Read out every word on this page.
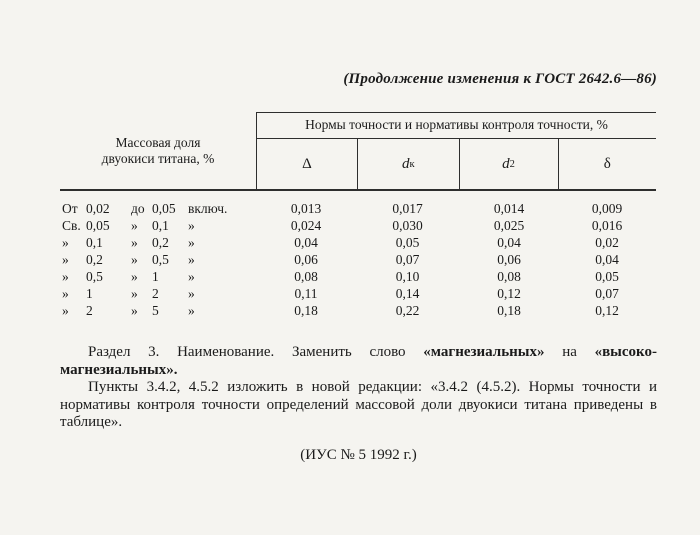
(Продолжение изменения к ГОСТ 2642.6—86)
Массовая доля
двуокиси титана, %
Нормы точности и нормативы контроля точности, %
Δ	d к	d 2	δ
От 0,02	до 0,05 включ.	0,013	0,017	0,014	0,009
Св. 0,05	»	0,1	»	0,024	0,030	0,025	0,016
»	0,1	»	0,2	»	0,04	0,05	0,04	0,02
»	0,2	»	0,5	»	0,06	0,07	0,06	0,04
»	0,5	»	1	»	0,08	0,10	0,08	0,05
»	1	»	2	»	0,11	0,14	0,12	0,07
»	2	»	5	»	0,18	0,22	0,18	0,12

Раздел 3. Наименование. Заменить слово «магнезиальных» на «высоко-магнезиальных».

Пункты 3.4.2, 4.5.2 изложить в новой редакции: «3.4.2 (4.5.2). Нормы точности и нормативы контроля точности определений массовой доли двуокиси титана приведены в таблице».

(ИУС № 5 1992 г.)
